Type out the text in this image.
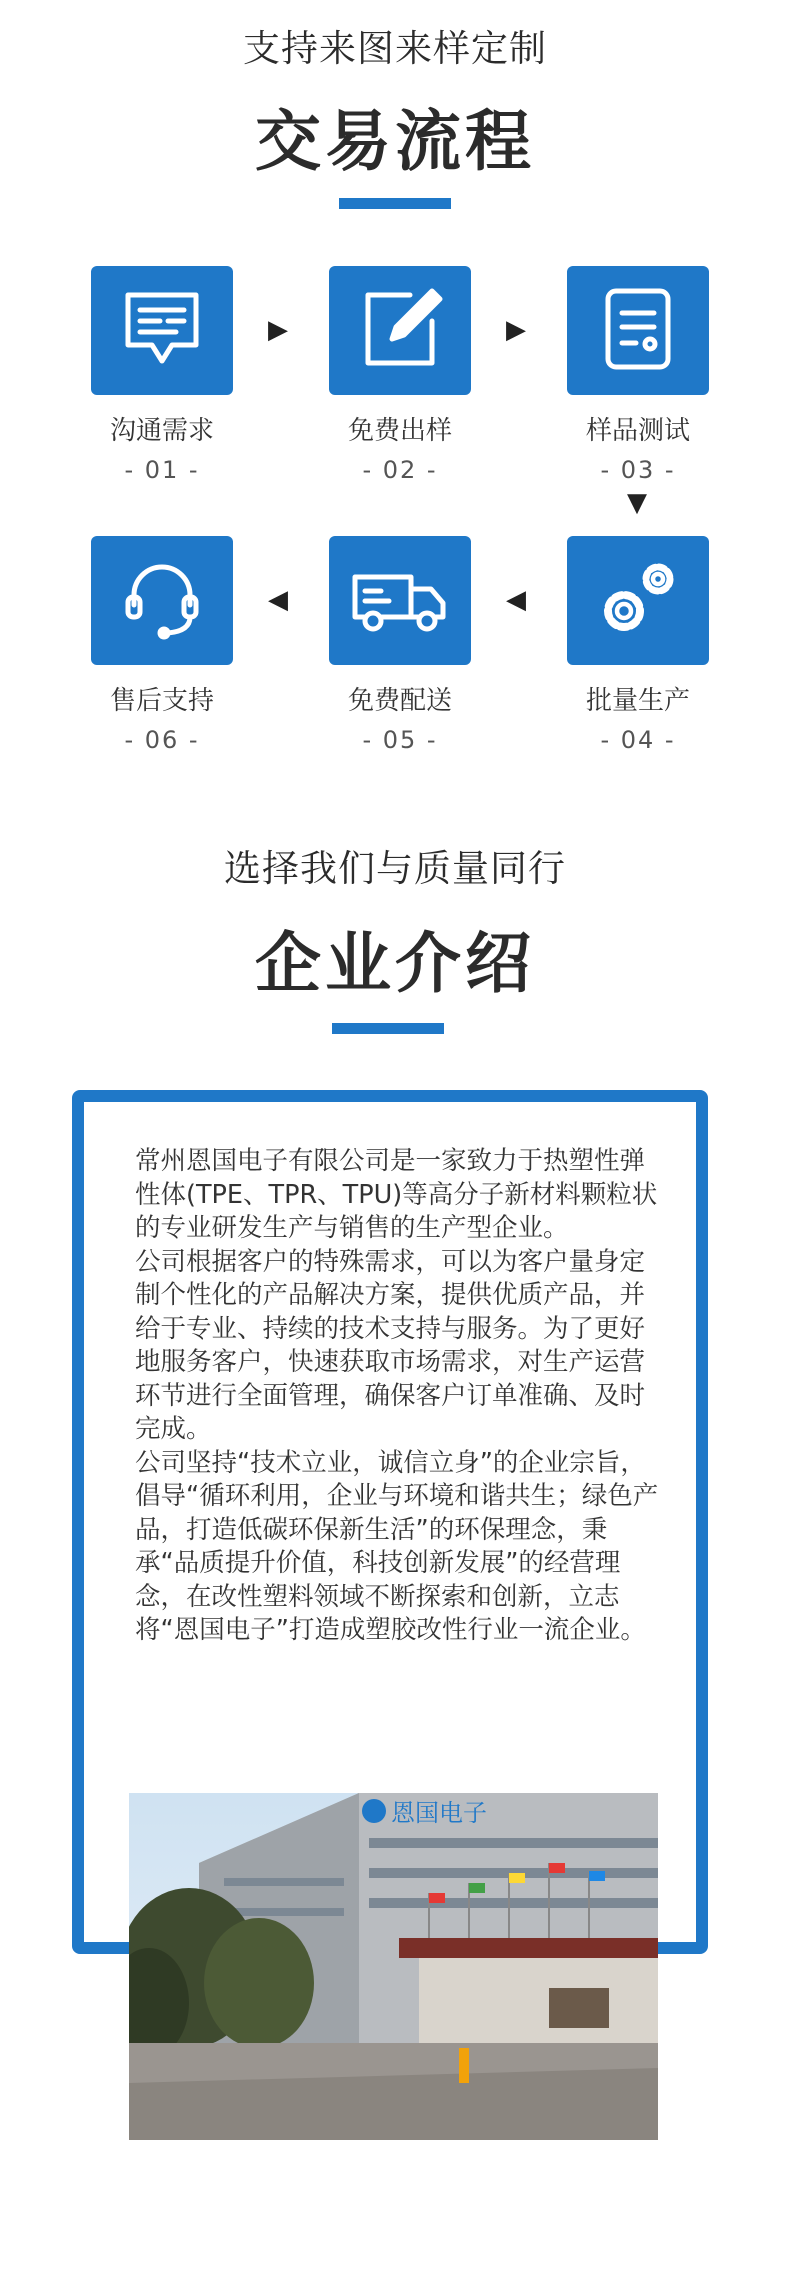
支持来图来样定制
交易流程
▶	▶
沟通需求
- 01 -
免费出样
- 02 -
样品测试
- 03 -
▼
◀	◀
售后支持
- 06 -
免费配送
- 05 -
批量生产
- 04 -
选择我们与质量同行
企业介绍

常州恩国电子有限公司是一家致力于热塑性弹性体(TPE、TPR、TPU)等高分子新材料颗粒状的专业研发生产与销售的生产型企业。

公司根据客户的特殊需求，可以为客户量身定制个性化的产品解决方案，提供优质产品，并给于专业、持续的技术支持与服务。为了更好地服务客户，快速获取市场需求，对生产运营环节进行全面管理，确保客户订单准确、及时完成。

公司坚持“技术立业，诚信立身”的企业宗旨，倡导“循环利用，企业与环境和谐共生；绿色产品，打造低碳环保新生活”的环保理念，秉承“品质提升价值，科技创新发展”的经营理念，在改性塑料领域不断探索和创新，立志将“恩国电子”打造成塑胶改性行业一流企业。

恩国电子
